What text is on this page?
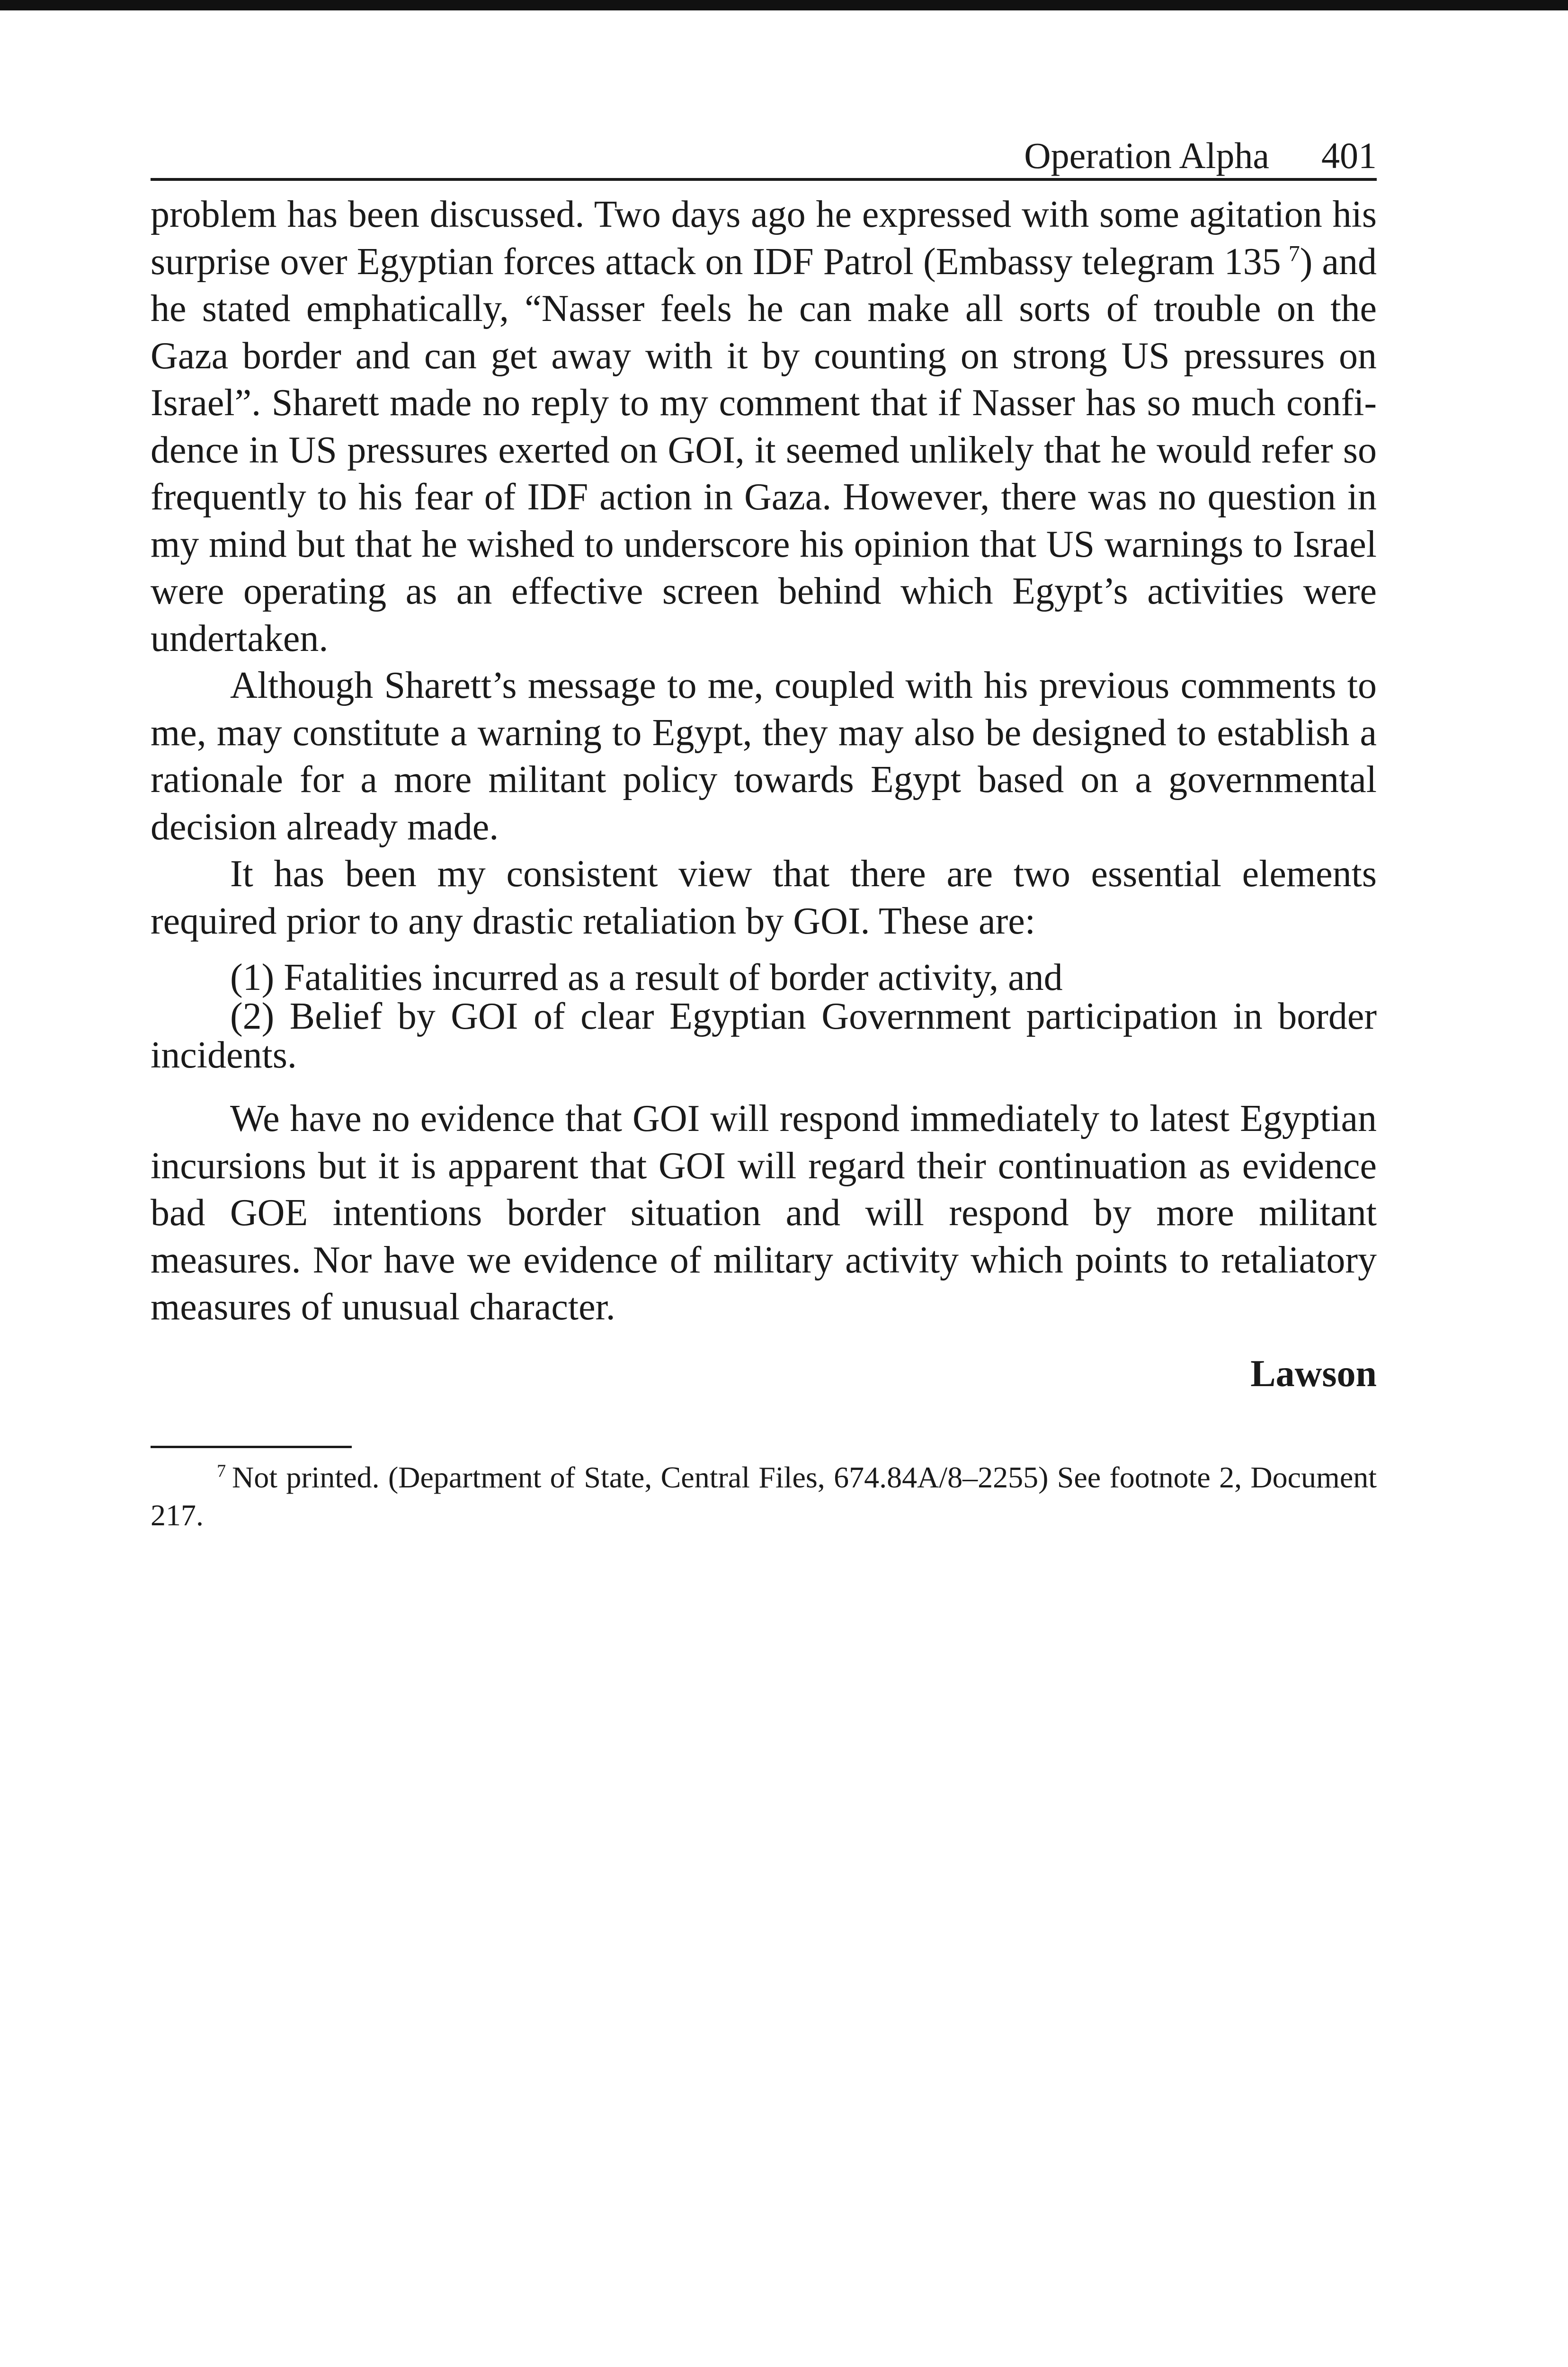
Operation Alpha 401

problem has been discussed. Two days ago he expressed with some agitation his surprise over Egyptian forces attack on IDF Patrol (Embassy telegram 135  $^7$) and he stated emphatically, “Nasser feels he can make all sorts of trouble on the Gaza border and can get away with it by counting on strong US pressures on Israel”. Sharett made no reply to my comment that if Nasser has so much confidence in US pressures exerted on GOI, it seemed unlikely that he would refer so frequently to his fear of IDF action in Gaza. However, there was no question in my mind but that he wished to underscore his opinion that US warnings to Israel were operating as an effective screen behind which Egypt’s activities were undertaken.

Although Sharett’s message to me, coupled with his previous comments to me, may constitute a warning to Egypt, they may also be designed to establish a rationale for a more militant policy towards Egypt based on a governmental decision already made.

It has been my consistent view that there are two essential elements required prior to any drastic retaliation by GOI. These are:

(1) Fatalities incurred as a result of border activity, and
(2) Belief by GOI of clear Egyptian Government participation in border incidents.

We have no evidence that GOI will respond immediately to latest Egyptian incursions but it is apparent that GOI will regard their continuation as evidence bad GOE intentions border situation and will respond by more militant measures. Nor have we evidence of military activity which points to retaliatory measures of unusual character.

Lawson
$^7$  Not printed. (Department of State, Central Files, 674.84A/8–2255) See footnote 2, Document 217.
